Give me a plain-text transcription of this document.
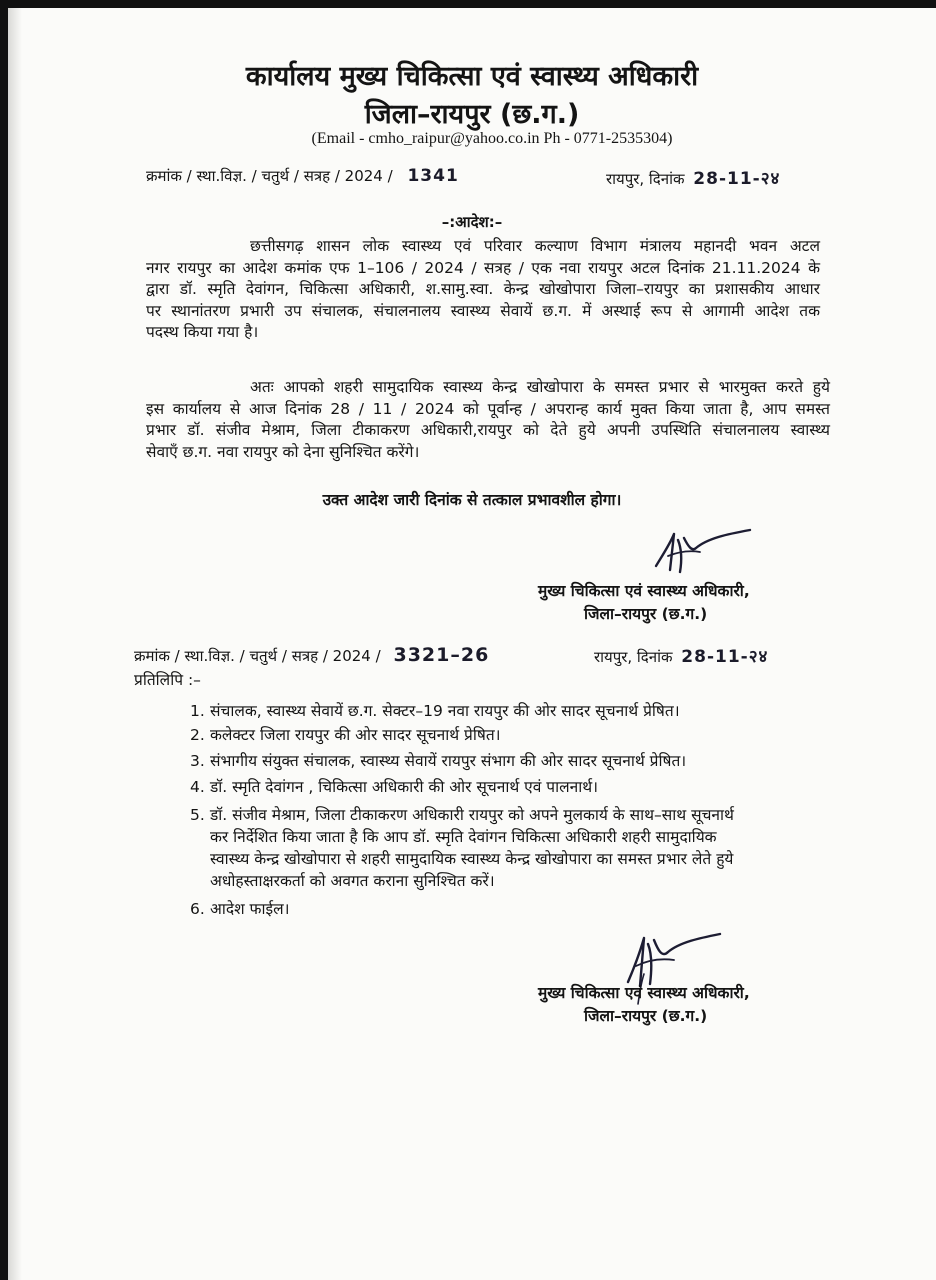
कार्यालय मुख्य चिकित्सा एवं स्वास्थ्य अधिकारी
जिला–रायपुर (छ.ग.)
(Email - cmho_raipur@yahoo.co.in Ph - 0771-2535304)
क्रमांक / स्था.विज्ञ. / चतुर्थ / सत्रह / 2024 / 1341	रायपुर, दिनांक 28-11-२४
–:आदेश:–
छत्तीसगढ़ शासन लोक स्वास्थ्य एवं परिवार कल्याण विभाग मंत्रालय महानदी भवन अटल
नगर रायपुर का आदेश कमांक एफ 1–106 / 2024 / सत्रह / एक नवा रायपुर अटल दिनांक 21.11.2024 के
द्वारा डॉ. स्मृति देवांगन, चिकित्सा अधिकारी, श.सामु.स्वा. केन्द्र खोखोपारा जिला–रायपुर का प्रशासकीय आधार
पर स्थानांतरण प्रभारी उप संचालक, संचालनालय स्वास्थ्य सेवायें छ.ग. में अस्थाई रूप से आगामी आदेश तक
पदस्थ किया गया है।
अतः आपको शहरी सामुदायिक स्वास्थ्य केन्द्र खोखोपारा के समस्त प्रभार से भारमुक्त करते हुये
इस कार्यालय से आज दिनांक 28 / 11 / 2024 को पूर्वान्ह / अपरान्ह कार्य मुक्त किया जाता है, आप समस्त
प्रभार डॉ. संजीव मेश्राम, जिला टीकाकरण अधिकारी,रायपुर को देते हुये अपनी उपस्थिति संचालनालय स्वास्थ्य
सेवाएँ छ.ग. नवा रायपुर को देना सुनिश्चित करेंगे।
उक्त आदेश जारी दिनांक से तत्काल प्रभावशील होगा।
मुख्य चिकित्सा एवं स्वास्थ्य अधिकारी,
जिला–रायपुर (छ.ग.)
क्रमांक / स्था.विज्ञ. / चतुर्थ / सत्रह / 2024 / 3321–26	रायपुर, दिनांक 28-11-२४
प्रतिलिपि :–
1. संचालक, स्वास्थ्य सेवायें छ.ग. सेक्टर–19 नवा रायपुर की ओर सादर सूचनार्थ प्रेषित।
2. कलेक्टर जिला रायपुर की ओर सादर सूचनार्थ प्रेषित।
3. संभागीय संयुक्त संचालक, स्वास्थ्य सेवायें रायपुर संभाग की ओर सादर सूचनार्थ प्रेषित।
4. डॉ. स्मृति देवांगन , चिकित्सा अधिकारी की ओर सूचनार्थ एवं पालनार्थ।
5. डॉ. संजीव मेश्राम, जिला टीकाकरण अधिकारी रायपुर को अपने मुलकार्य के साथ–साथ सूचनार्थ
कर निर्देशित किया जाता है कि आप डॉ. स्मृति देवांगन चिकित्सा अधिकारी शहरी सामुदायिक
स्वास्थ्य केन्द्र खोखोपारा से शहरी सामुदायिक स्वास्थ्य केन्द्र खोखोपारा का समस्त प्रभार लेते हुये
अधोहस्ताक्षरकर्ता को अवगत कराना सुनिश्चित करें।
6. आदेश फाईल।
मुख्य चिकित्सा एवं स्वास्थ्य अधिकारी,
जिला–रायपुर (छ.ग.)
